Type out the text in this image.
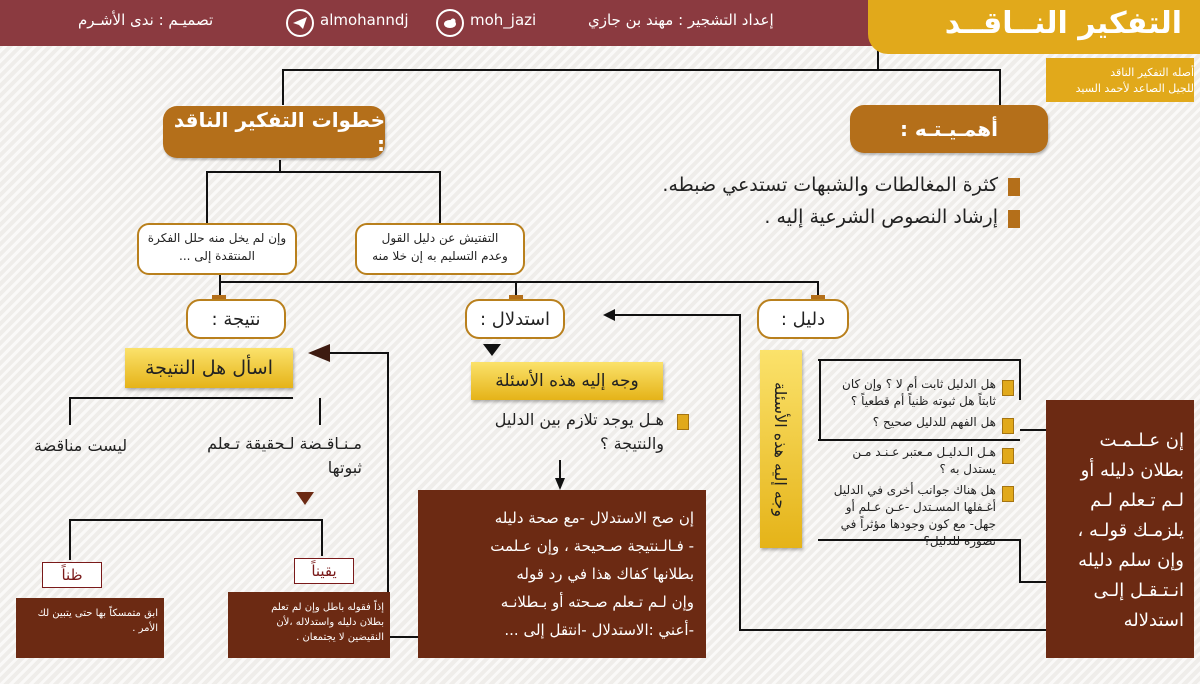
تصميـم : ندى الأشـرم	almohanndj	moh_jazi	إعداد التشجير : مهند بن جازي	التفكير النــاقــد
أصله التفكير الناقد
للجيل الصاعد لأحمد السيد
أهمـيـتـه :
كثرة المغالطات والشبهات تستدعي ضبطه.
إرشاد النصوص الشرعية إليه .
خطوات التفكير الناقد :
التفتيش عن دليل القول
وعدم التسليم به إن خلا منه
وإن لم يخل منه حلل الفكرة
المنتقدة إلى ...
دليل :
استدلال :
نتيجة :
وجه إليه هذه الأسئلة	هل الدليل ثابت أم لا ؟ وإن كان
ثابتاً هل ثبوته ظنياً أم قطعياً ؟
هل الفهم للدليل صحيح ؟
هـل الـدليـل مـعتبر عـنـد مـن
يستدل به ؟
هل هناك جوانب أخرى في الدليل
أغـفلها المسـتدل -عـن عـلم أو
جهل- مع كون وجودها مؤثراً في
تصوره للدليل؟
إن عـلـمـت
بطلان دليله أو
لـم تـعلم لـم
يلزمـك قولـه ،
وإن سلم دليله
انـتـقـل إلـى
استدلاله
وجه إليه هذه الأسئلة
هـل يوجد تلازم بين الدليل
والنتيجة ؟
إن صح الاستدلال -مع صحة دليله
- فـالـنتيجة صـحيحة ، وإن عـلمت
بطلانها كفاك هذا في رد قوله
وإن لـم تـعلم صـحته أو بـطلانـه
-أعني :الاستدلال -انتقل إلى ...
اسأل هل النتيجة
مـنـاقـضة لـحقيقة تـعلم
ثبوتها
ليست مناقضة
يقيناً
إذاً فقوله باطل وإن لم تعلم
بطلان دليله واستدلاله ،لأن
النقيضين لا يجتمعان .
ظناً
ابق متمسكاً بها حتى يتبين لك
الأمر .
